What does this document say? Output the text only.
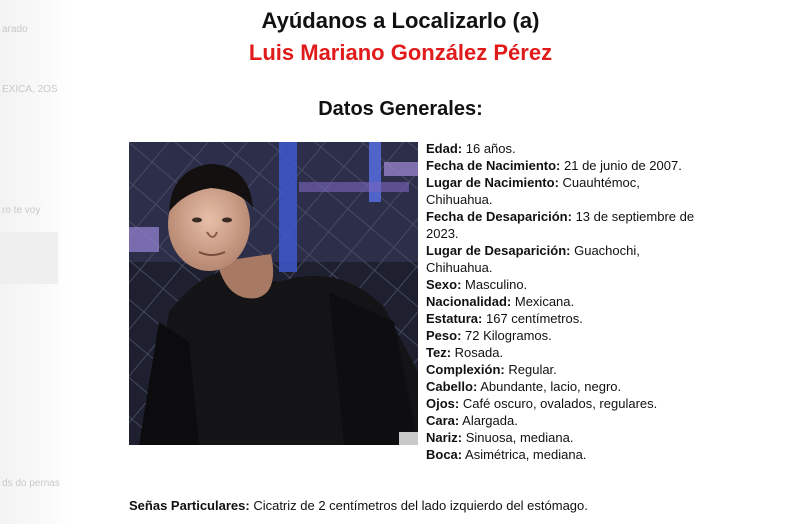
arado
EXICA, 2OS
ro te voy
ds do pernas
Ayúdanos a Localizarlo (a)
Luis Mariano González Pérez
Datos Generales:
Edad: 16 años.
Fecha de Nacimiento: 21 de junio de 2007.
Lugar de Nacimiento: Cuauhtémoc,
Chihuahua.
Fecha de Desaparición: 13 de septiembre de
2023.
Lugar de Desaparición: Guachochi,
Chihuahua.
Sexo: Masculino.
Nacionalidad: Mexicana.
Estatura: 167 centímetros.
Peso: 72 Kilogramos.
Tez: Rosada.
Complexión: Regular.
Cabello: Abundante, lacio, negro.
Ojos: Café oscuro, ovalados, regulares.
Cara: Alargada.
Nariz: Sinuosa, mediana.
Boca: Asimétrica, mediana.
Señas Particulares: Cicatriz de 2 centímetros del lado izquierdo del estómago.
